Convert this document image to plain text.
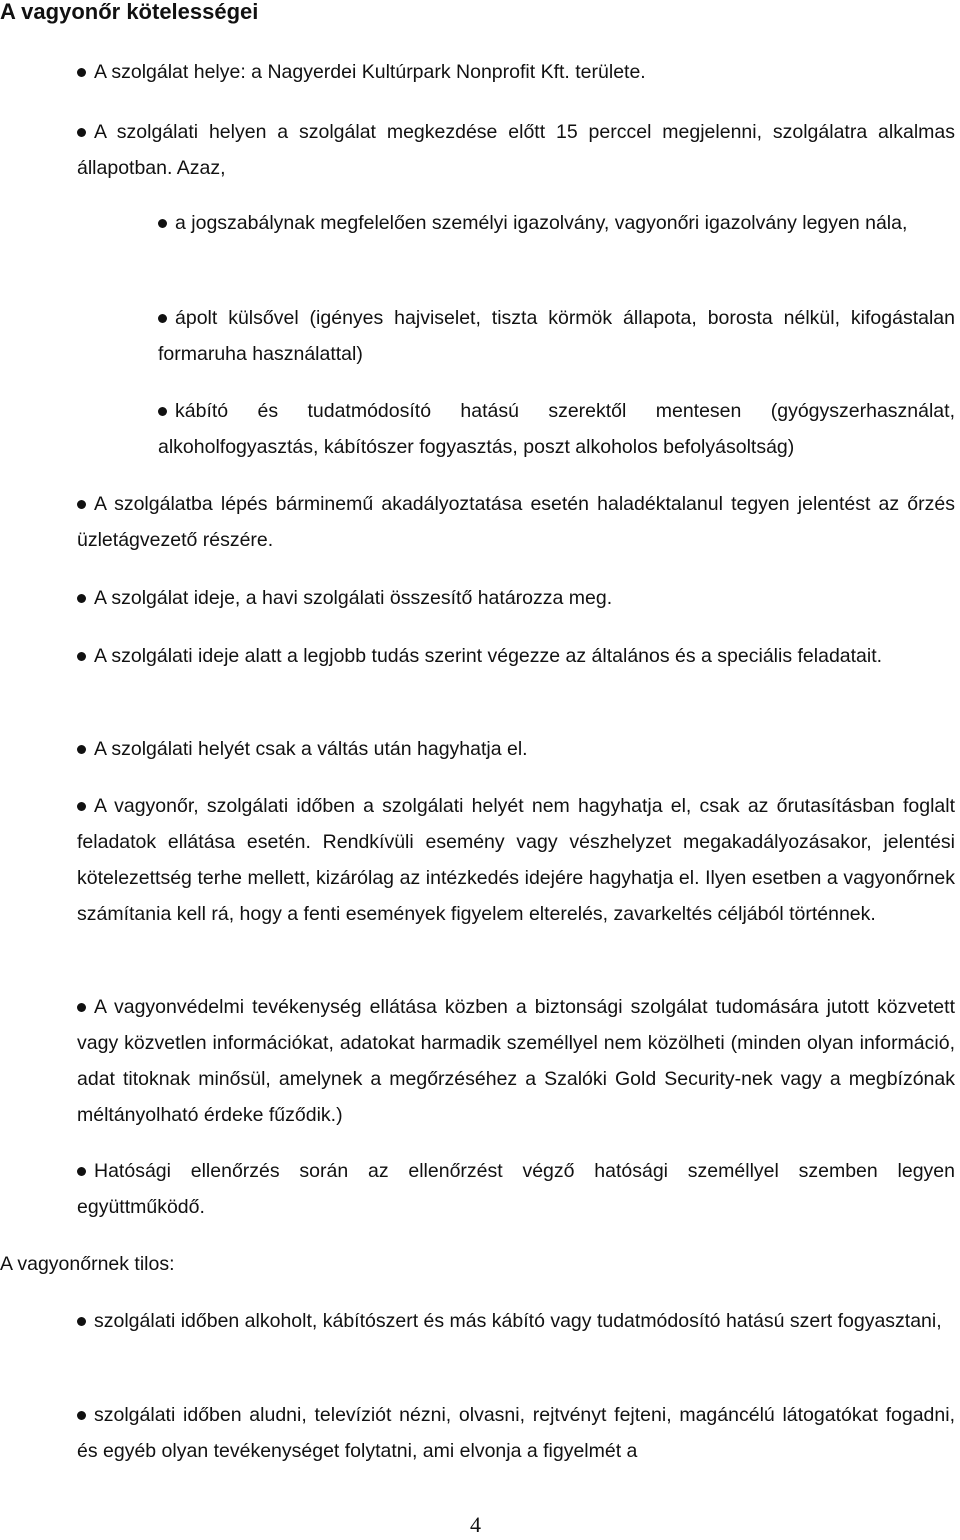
A vagyonőr kötelességei
A szolgálat helye: a Nagyerdei Kultúrpark Nonprofit Kft. területe.
A szolgálati helyen a szolgálat megkezdése előtt 15 perccel megjelenni, szolgálatra alkalmas állapotban. Azaz,
a jogszabálynak megfelelően személyi igazolvány, vagyonőri igazolvány legyen nála,
ápolt külsővel (igényes hajviselet, tiszta körmök állapota, borosta nélkül, kifogástalan formaruha használattal)
kábító és tudatmódosító hatású szerektől mentesen (gyógyszerhasználat, alkoholfogyasztás, kábítószer fogyasztás, poszt alkoholos befolyásoltság)
A szolgálatba lépés bárminemű akadályoztatása esetén haladéktalanul tegyen jelentést az őrzés üzletágvezető részére.
A szolgálat ideje, a havi szolgálati összesítő határozza meg.
A szolgálati ideje alatt a legjobb tudás szerint végezze az általános és a speciális feladatait.
A szolgálati helyét csak a váltás után hagyhatja el.
A vagyonőr, szolgálati időben a szolgálati helyét nem hagyhatja el, csak az őrutasításban foglalt feladatok ellátása esetén. Rendkívüli esemény vagy vészhelyzet megakadályozásakor, jelentési kötelezettség terhe mellett, kizárólag az intézkedés idejére hagyhatja el. Ilyen esetben a vagyonőrnek számítania kell rá, hogy a fenti események figyelem elterelés, zavarkeltés céljából történnek.
A vagyonvédelmi tevékenység ellátása közben a biztonsági szolgálat tudomására jutott közvetett vagy közvetlen információkat, adatokat harmadik személlyel nem közölheti (minden olyan információ, adat titoknak minősül, amelynek a megőrzéséhez a Szalóki Gold Security-nek vagy a megbízónak méltányolható érdeke fűződik.)
Hatósági ellenőrzés során az ellenőrzést végző hatósági személlyel szemben legyen együttműködő.
A vagyonőrnek tilos:
szolgálati időben alkoholt, kábítószert és más kábító vagy tudatmódosító hatású szert fogyasztani,
szolgálati időben aludni, televíziót nézni, olvasni, rejtvényt fejteni, magáncélú látogatókat fogadni, és egyéb olyan tevékenységet folytatni, ami elvonja a figyelmét a
4
